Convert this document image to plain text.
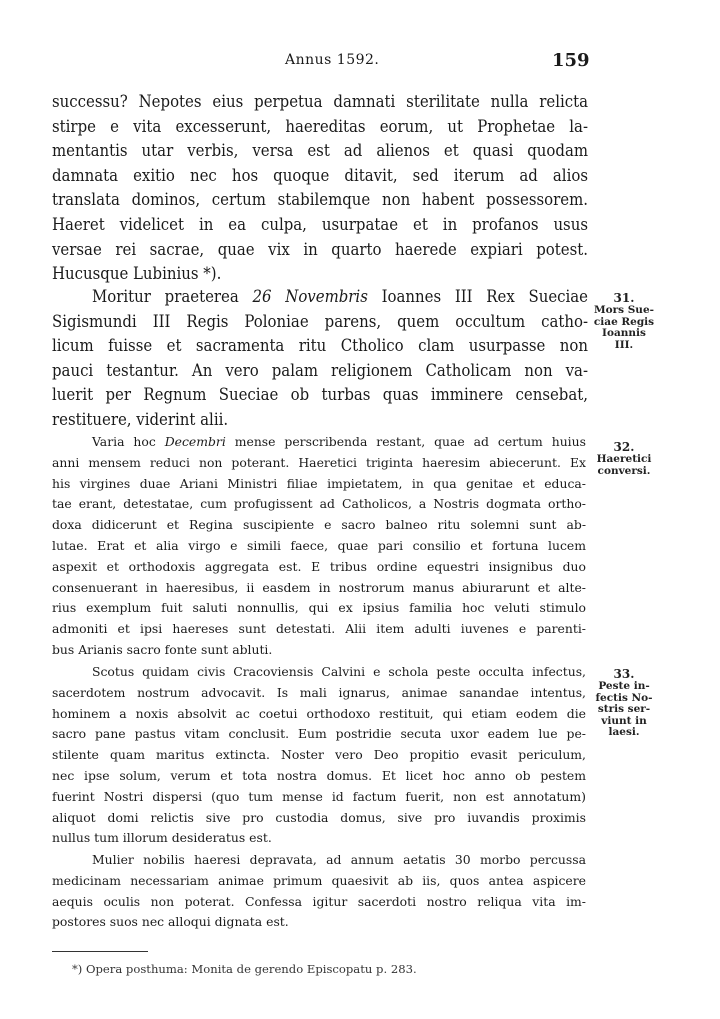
Annus 1592.	159

successu? Nepotes eius perpetua damnati sterilitate nulla relicta
stirpe e vita excesserunt, haereditas eorum, ut Prophetae la-
mentantis utar verbis, versa est ad alienos et quasi quodam
damnata exitio nec hos quoque ditavit, sed iterum ad alios
translata dominos, certum stabilemque non habent possessorem.
Haeret videlicet in ea culpa, usurpatae et in profanos usus
versae rei sacrae, quae vix in quarto haerede expiari potest.
Hucusque Lubinius *).

Moritur praeterea 26 Novembris Ioannes III Rex Sueciae
Sigismundi III Regis Poloniae parens, quem occultum catho-
licum fuisse et sacramenta ritu Ctholico clam usurpasse non
pauci testantur. An vero palam religionem Catholicam non va-
luerit per Regnum Sueciae ob turbas quas imminere censebat,
restituere, viderint alii.

Varia hoc Decembri mense perscribenda restant, quae ad certum huius
anni mensem reduci non poterant. Haeretici triginta haeresim abiecerunt. Ex
his virgines duae Ariani Ministri filiae impietatem, in qua genitae et educa-
tae erant, detestatae, cum profugissent ad Catholicos, a Nostris dogmata ortho-
doxa didicerunt et Regina suscipiente e sacro balneo ritu solemni sunt ab-
lutae. Erat et alia virgo e simili faece, quae pari consilio et fortuna lucem
aspexit et orthodoxis aggregata est. E tribus ordine equestri insignibus duo
consenuerant in haeresibus, ii easdem in nostrorum manus abiurarunt et alte-
rius exemplum fuit saluti nonnullis, qui ex ipsius familia hoc veluti stimulo
admoniti et ipsi haereses sunt detestati. Alii item adulti iuvenes e parenti-
bus Arianis sacro fonte sunt abluti.

Scotus quidam civis Cracoviensis Calvini e schola peste occulta infectus,
sacerdotem nostrum advocavit. Is mali ignarus, animae sanandae intentus,
hominem a noxis absolvit ac coetui orthodoxo restituit, qui etiam eodem die
sacro pane pastus vitam conclusit. Eum postridie secuta uxor eadem lue pe-
stilente quam maritus extincta. Noster vero Deo propitio evasit periculum,
nec ipse solum, verum et tota nostra domus. Et licet hoc anno ob pestem
fuerint Nostri dispersi (quo tum mense id factum fuerit, non est annotatum)
aliquot domi relictis sive pro custodia domus, sive pro iuvandis proximis
nullus tum illorum desideratus est.

Mulier nobilis haeresi depravata, ad annum aetatis 30 morbo percussa
medicinam necessariam animae primum quaesivit ab iis, quos antea aspicere
aequis oculis non poterat. Confessa igitur sacerdoti nostro reliqua vita im-
postores suos nec alloqui dignata est.

31.
Mors Sue-
ciae Regis
Ioannis
III.
32.
Haeretici
conversi.
33.
Peste in-
fectis No-
stris ser-
viunt in
laesi.
*) Opera posthuma: Monita de gerendo Episcopatu p. 283.
